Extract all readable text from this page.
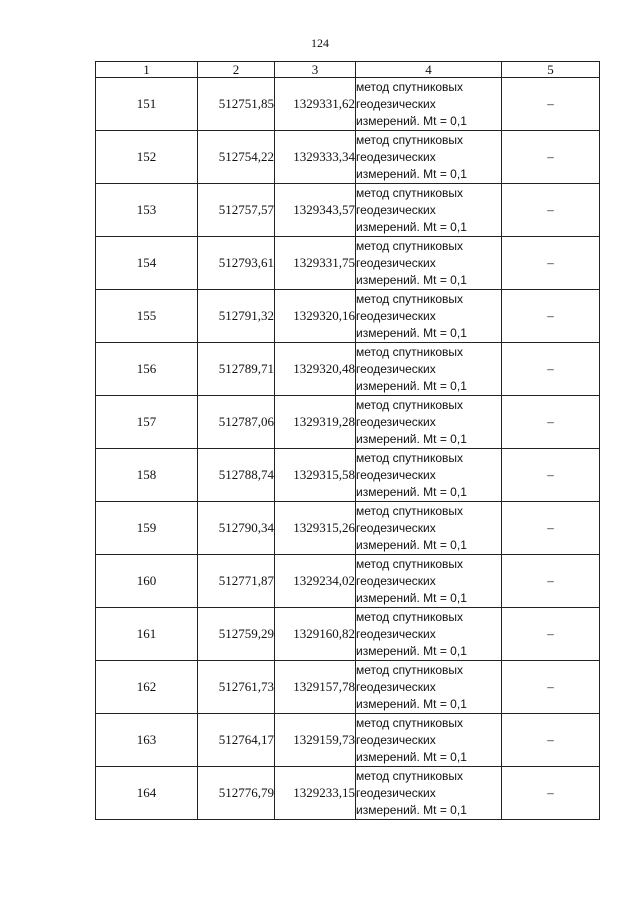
124
1	2	3	4	5
151	512751,85	1329331,62	метод спутниковых
геодезических
измерений. Mt = 0,1	–
152	512754,22	1329333,34	метод спутниковых
геодезических
измерений. Mt = 0,1	–
153	512757,57	1329343,57	метод спутниковых
геодезических
измерений. Mt = 0,1	–
154	512793,61	1329331,75	метод спутниковых
геодезических
измерений. Mt = 0,1	–
155	512791,32	1329320,16	метод спутниковых
геодезических
измерений. Mt = 0,1	–
156	512789,71	1329320,48	метод спутниковых
геодезических
измерений. Mt = 0,1	–
157	512787,06	1329319,28	метод спутниковых
геодезических
измерений. Mt = 0,1	–
158	512788,74	1329315,58	метод спутниковых
геодезических
измерений. Mt = 0,1	–
159	512790,34	1329315,26	метод спутниковых
геодезических
измерений. Mt = 0,1	–
160	512771,87	1329234,02	метод спутниковых
геодезических
измерений. Mt = 0,1	–
161	512759,29	1329160,82	метод спутниковых
геодезических
измерений. Mt = 0,1	–
162	512761,73	1329157,78	метод спутниковых
геодезических
измерений. Mt = 0,1	–
163	512764,17	1329159,73	метод спутниковых
геодезических
измерений. Mt = 0,1	–
164	512776,79	1329233,15	метод спутниковых
геодезических
измерений. Mt = 0,1	–
